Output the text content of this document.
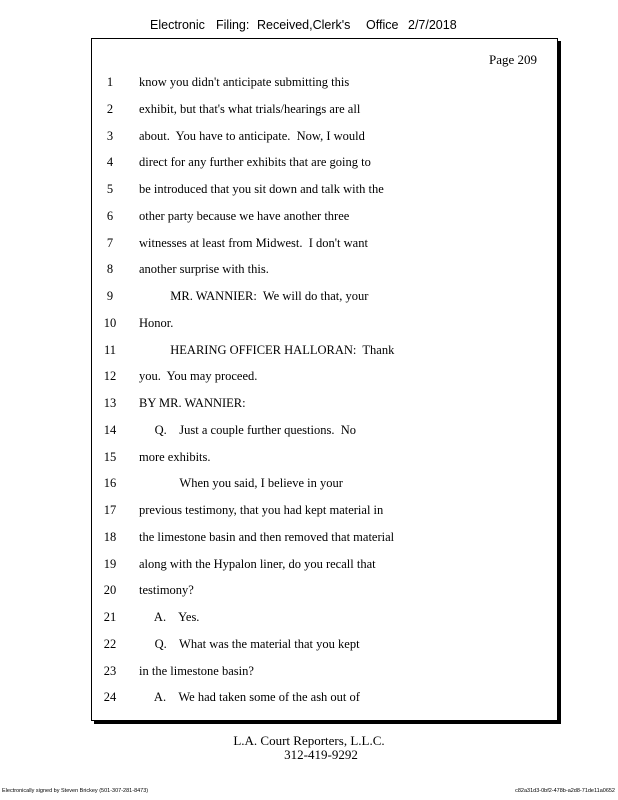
Electronic Filing: Received,Clerk's Office 2/7/2018
Page 209
1	know you didn't anticipate submitting this
2	exhibit, but that's what trials/hearings are all
3	about.  You have to anticipate.  Now, I would
4	direct for any further exhibits that are going to
5	be introduced that you sit down and talk with the
6	other party because we have another three
7	witnesses at least from Midwest.  I don't want
8	another surprise with this.
9	MR. WANNIER:  We will do that, your
10	Honor.
11	HEARING OFFICER HALLORAN:  Thank
12	you.  You may proceed.
13	BY MR. WANNIER:
14	Q.    Just a couple further questions.  No
15	more exhibits.
16	When you said, I believe in your
17	previous testimony, that you had kept material in
18	the limestone basin and then removed that material
19	along with the Hypalon liner, do you recall that
20	testimony?
21	A.    Yes.
22	Q.    What was the material that you kept
23	in the limestone basin?
24	A.    We had taken some of the ash out of
L.A. Court Reporters, L.L.C.
312-419-9292
Electronically signed by Steven Brickey (501-307-281-8473)	c82a31d3-0bf2-478b-a2d8-71de11a0652
